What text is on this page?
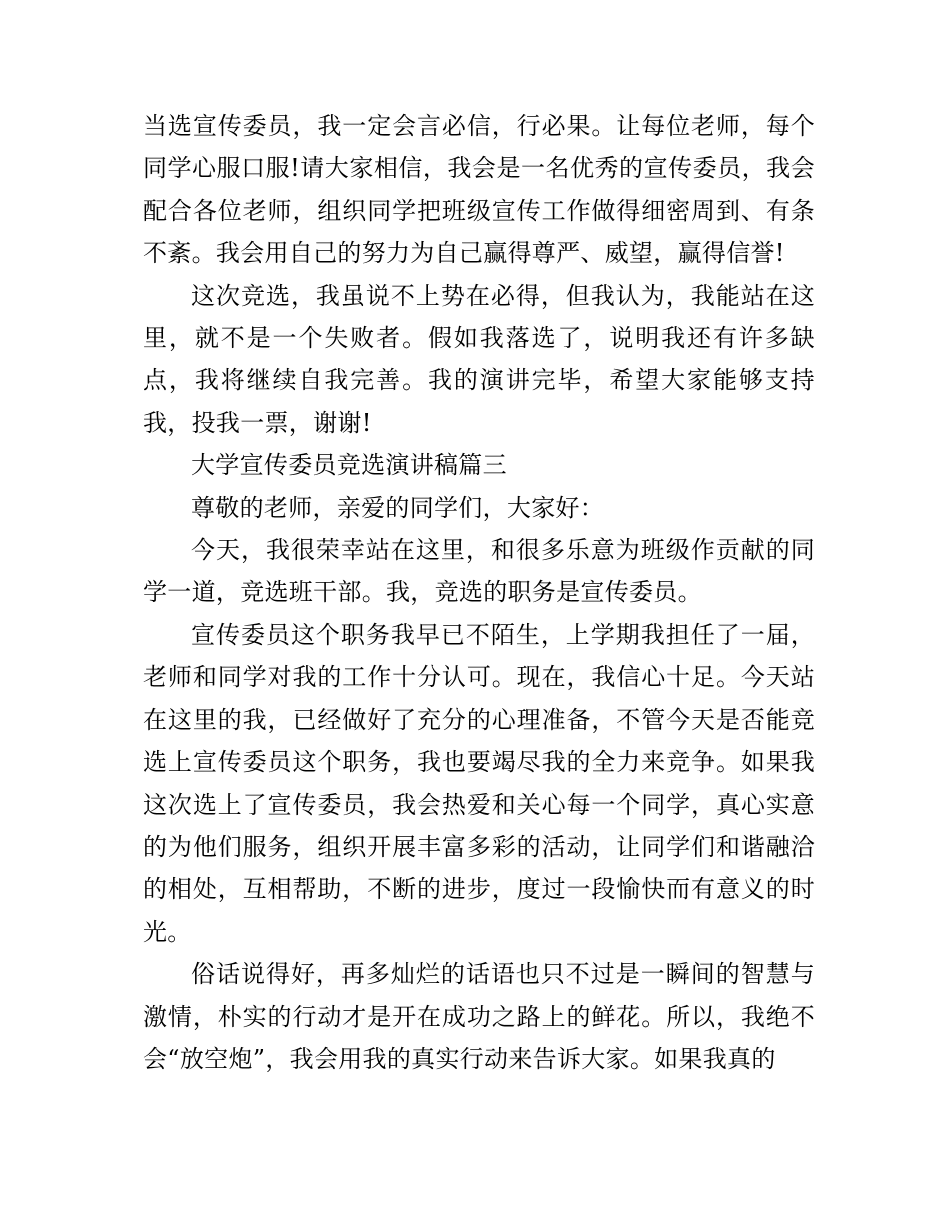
当选宣传委员，我一定会言必信，行必果。让每位老师，每个同学心服口服!请大家相信，我会是一名优秀的宣传委员，我会配合各位老师，组织同学把班级宣传工作做得细密周到、有条不紊。我会用自己的努力为自己赢得尊严、威望，赢得信誉!

这次竞选，我虽说不上势在必得，但我认为，我能站在这里，就不是一个失败者。假如我落选了，说明我还有许多缺点，我将继续自我完善。我的演讲完毕，希望大家能够支持我，投我一票，谢谢!

大学宣传委员竞选演讲稿篇三

尊敬的老师，亲爱的同学们，大家好：

今天，我很荣幸站在这里，和很多乐意为班级作贡献的同学一道，竞选班干部。我，竞选的职务是宣传委员。

宣传委员这个职务我早已不陌生，上学期我担任了一届，老师和同学对我的工作十分认可。现在，我信心十足。今天站在这里的我，已经做好了充分的心理准备，不管今天是否能竞选上宣传委员这个职务，我也要竭尽我的全力来竞争。如果我这次选上了宣传委员，我会热爱和关心每一个同学，真心实意的为他们服务，组织开展丰富多彩的活动，让同学们和谐融洽的相处，互相帮助，不断的进步，度过一段愉快而有意义的时光。

俗话说得好，再多灿烂的话语也只不过是一瞬间的智慧与激情，朴实的行动才是开在成功之路上的鲜花。所以，我绝不会“放空炮”，我会用我的真实行动来告诉大家。如果我真的
